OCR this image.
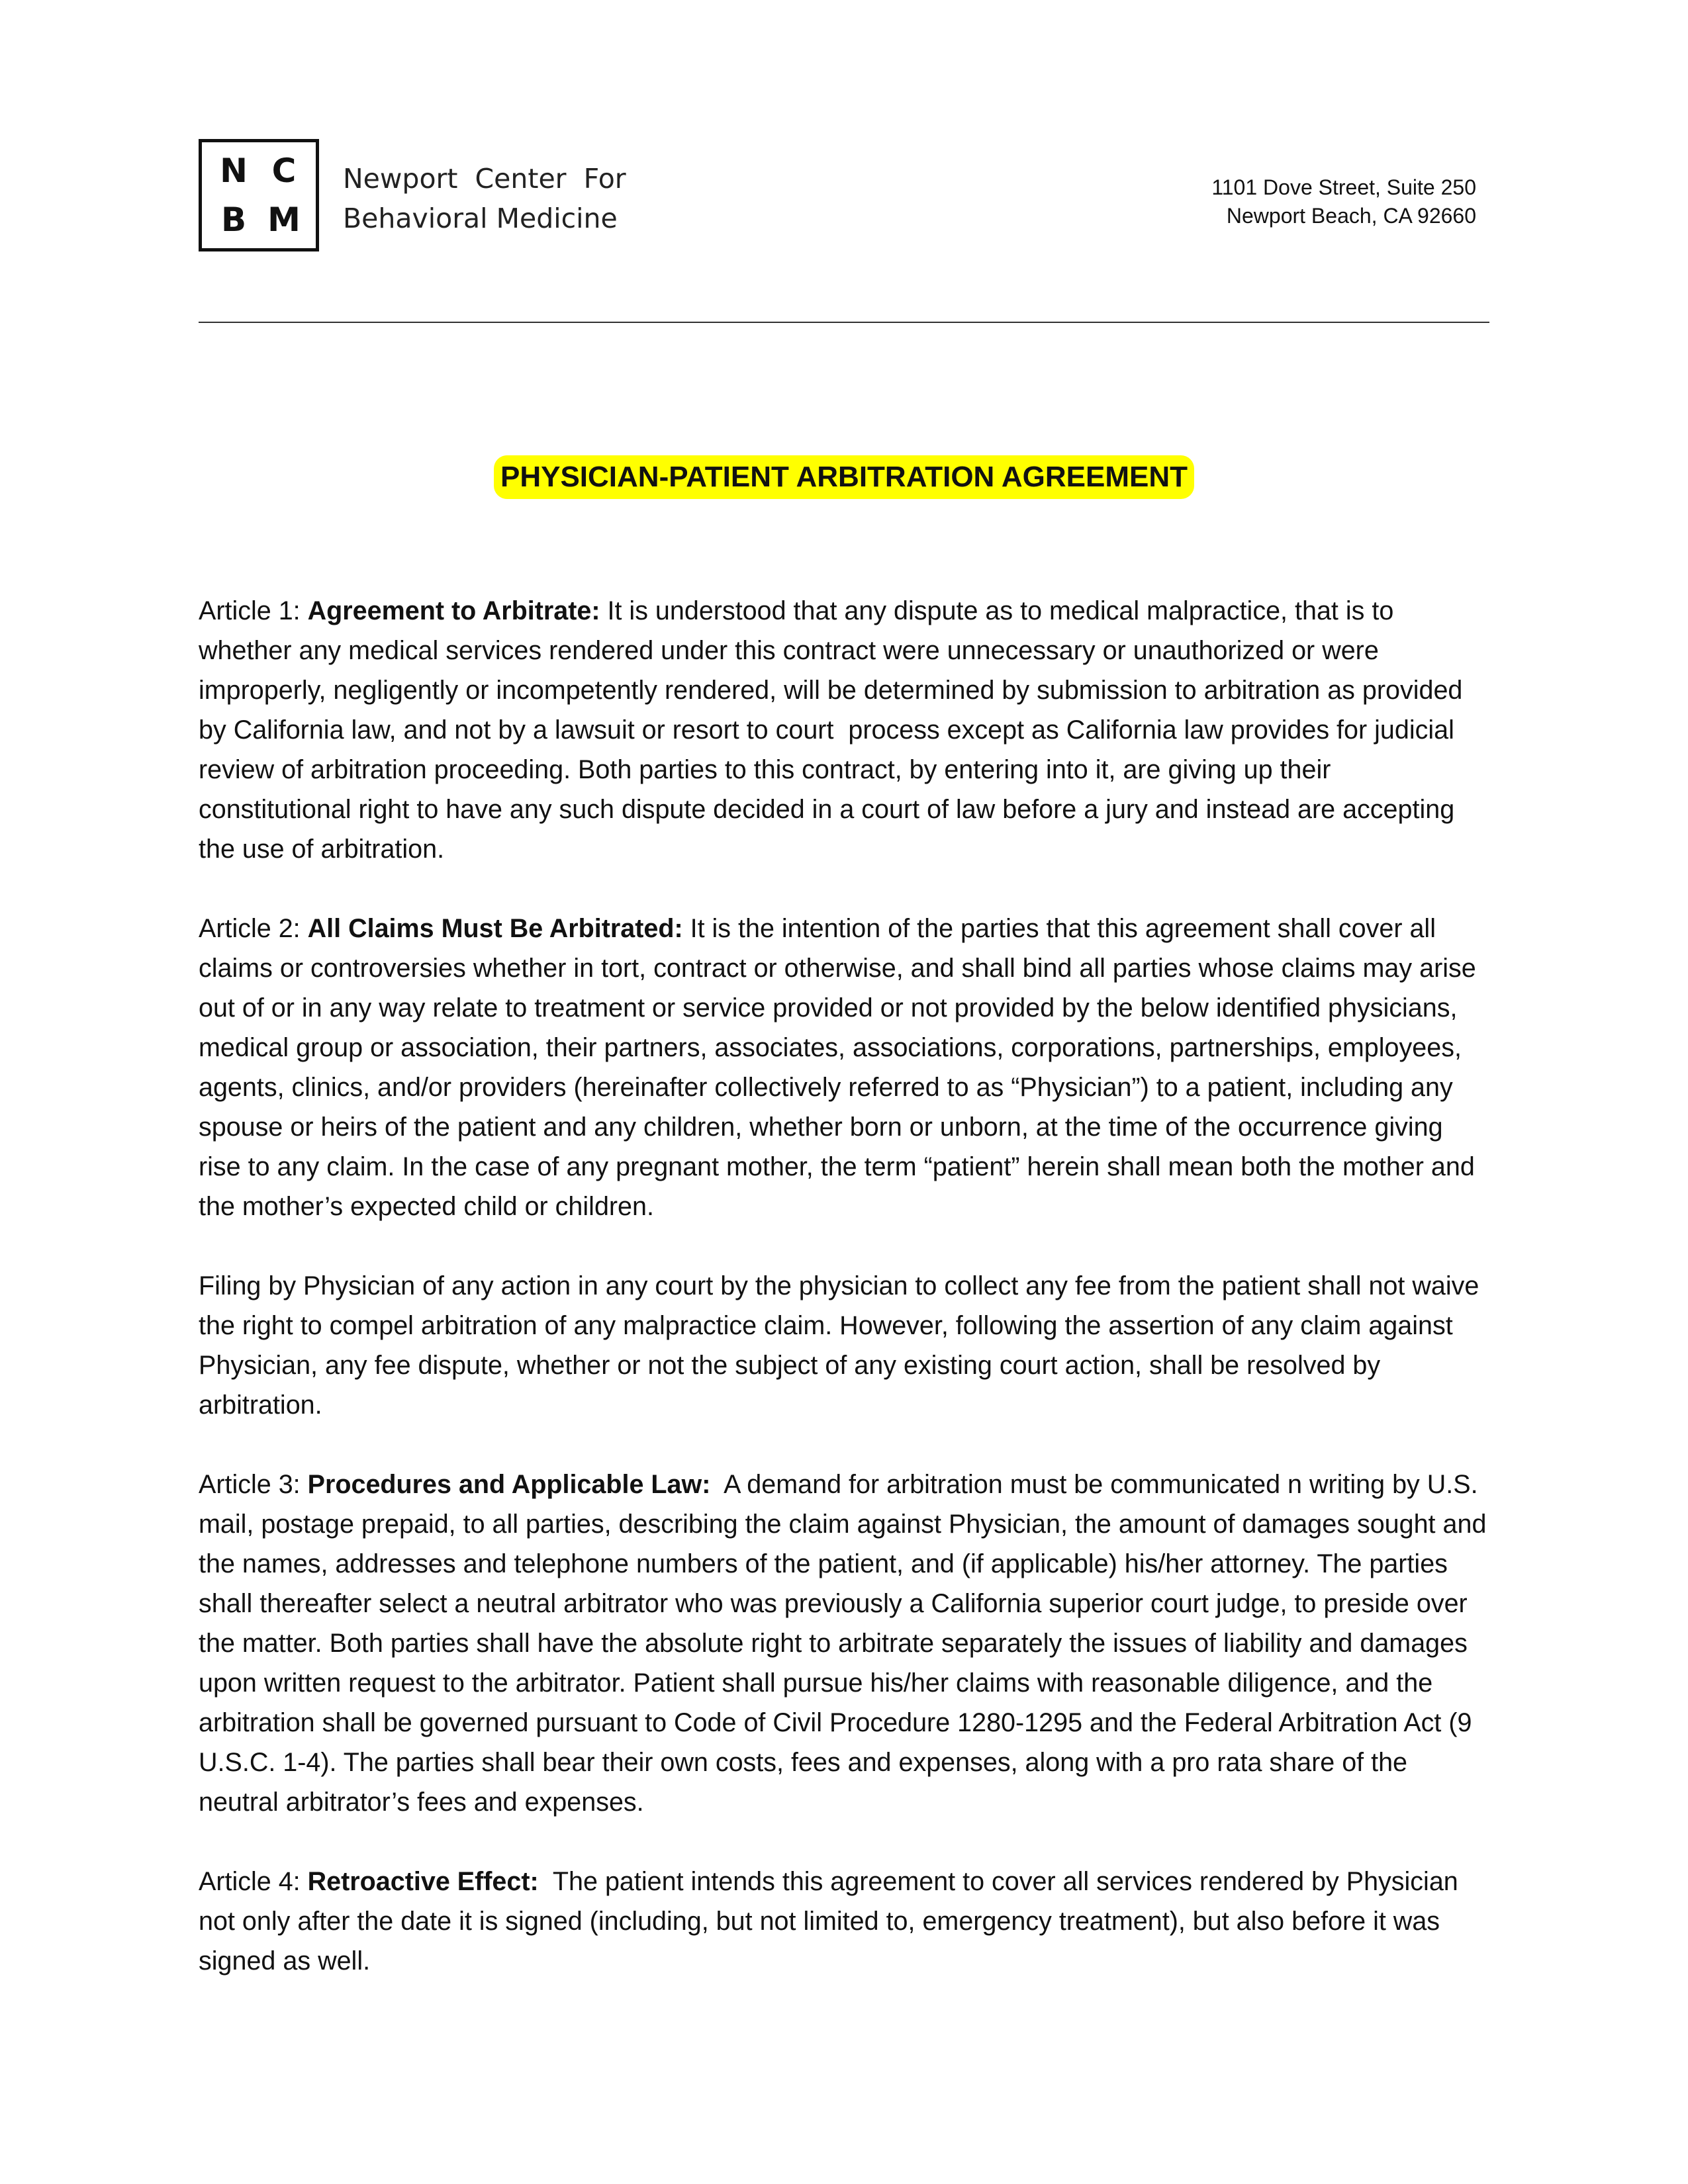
N C
B M
Newport  Center  For
Behavioral Medicine
1101 Dove Street, Suite 250
Newport Beach, CA 92660
PHYSICIAN-PATIENT ARBITRATION AGREEMENT

Article 1: Agreement to Arbitrate: It is understood that any dispute as to medical malpractice, that is to whether any medical services rendered under this contract were unnecessary or unauthorized or were improperly, negligently or incompetently rendered, will be determined by submission to arbitration as provided by California law, and not by a lawsuit or resort to court  process except as California law provides for judicial review of arbitration proceeding. Both parties to this contract, by entering into it, are giving up their constitutional right to have any such dispute decided in a court of law before a jury and instead are accepting the use of arbitration.

Article 2: All Claims Must Be Arbitrated: It is the intention of the parties that this agreement shall cover all claims or controversies whether in tort, contract or otherwise, and shall bind all parties whose claims may arise out of or in any way relate to treatment or service provided or not provided by the below identified physicians, medical group or association, their partners, associates, associations, corporations, partnerships, employees, agents, clinics, and/or providers (hereinafter collectively referred to as “Physician”) to a patient, including any spouse or heirs of the patient and any children, whether born or unborn, at the time of the occurrence giving rise to any claim. In the case of any pregnant mother, the term “patient” herein shall mean both the mother and the mother’s expected child or children.

Filing by Physician of any action in any court by the physician to collect any fee from the patient shall not waive the right to compel arbitration of any malpractice claim. However, following the assertion of any claim against Physician, any fee dispute, whether or not the subject of any existing court action, shall be resolved by arbitration.

Article 3: Procedures and Applicable Law:  A demand for arbitration must be communicated n writing by U.S. mail, postage prepaid, to all parties, describing the claim against Physician, the amount of damages sought and the names, addresses and telephone numbers of the patient, and (if applicable) his/her attorney. The parties shall thereafter select a neutral arbitrator who was previously a California superior court judge, to preside over the matter. Both parties shall have the absolute right to arbitrate separately the issues of liability and damages upon written request to the arbitrator. Patient shall pursue his/her claims with reasonable diligence, and the arbitration shall be governed pursuant to Code of Civil Procedure 1280-1295 and the Federal Arbitration Act (9 U.S.C. 1-4). The parties shall bear their own costs, fees and expenses, along with a pro rata share of the neutral arbitrator’s fees and expenses.

Article 4: Retroactive Effect:  The patient intends this agreement to cover all services rendered by Physician not only after the date it is signed (including, but not limited to, emergency treatment), but also before it was signed as well.
